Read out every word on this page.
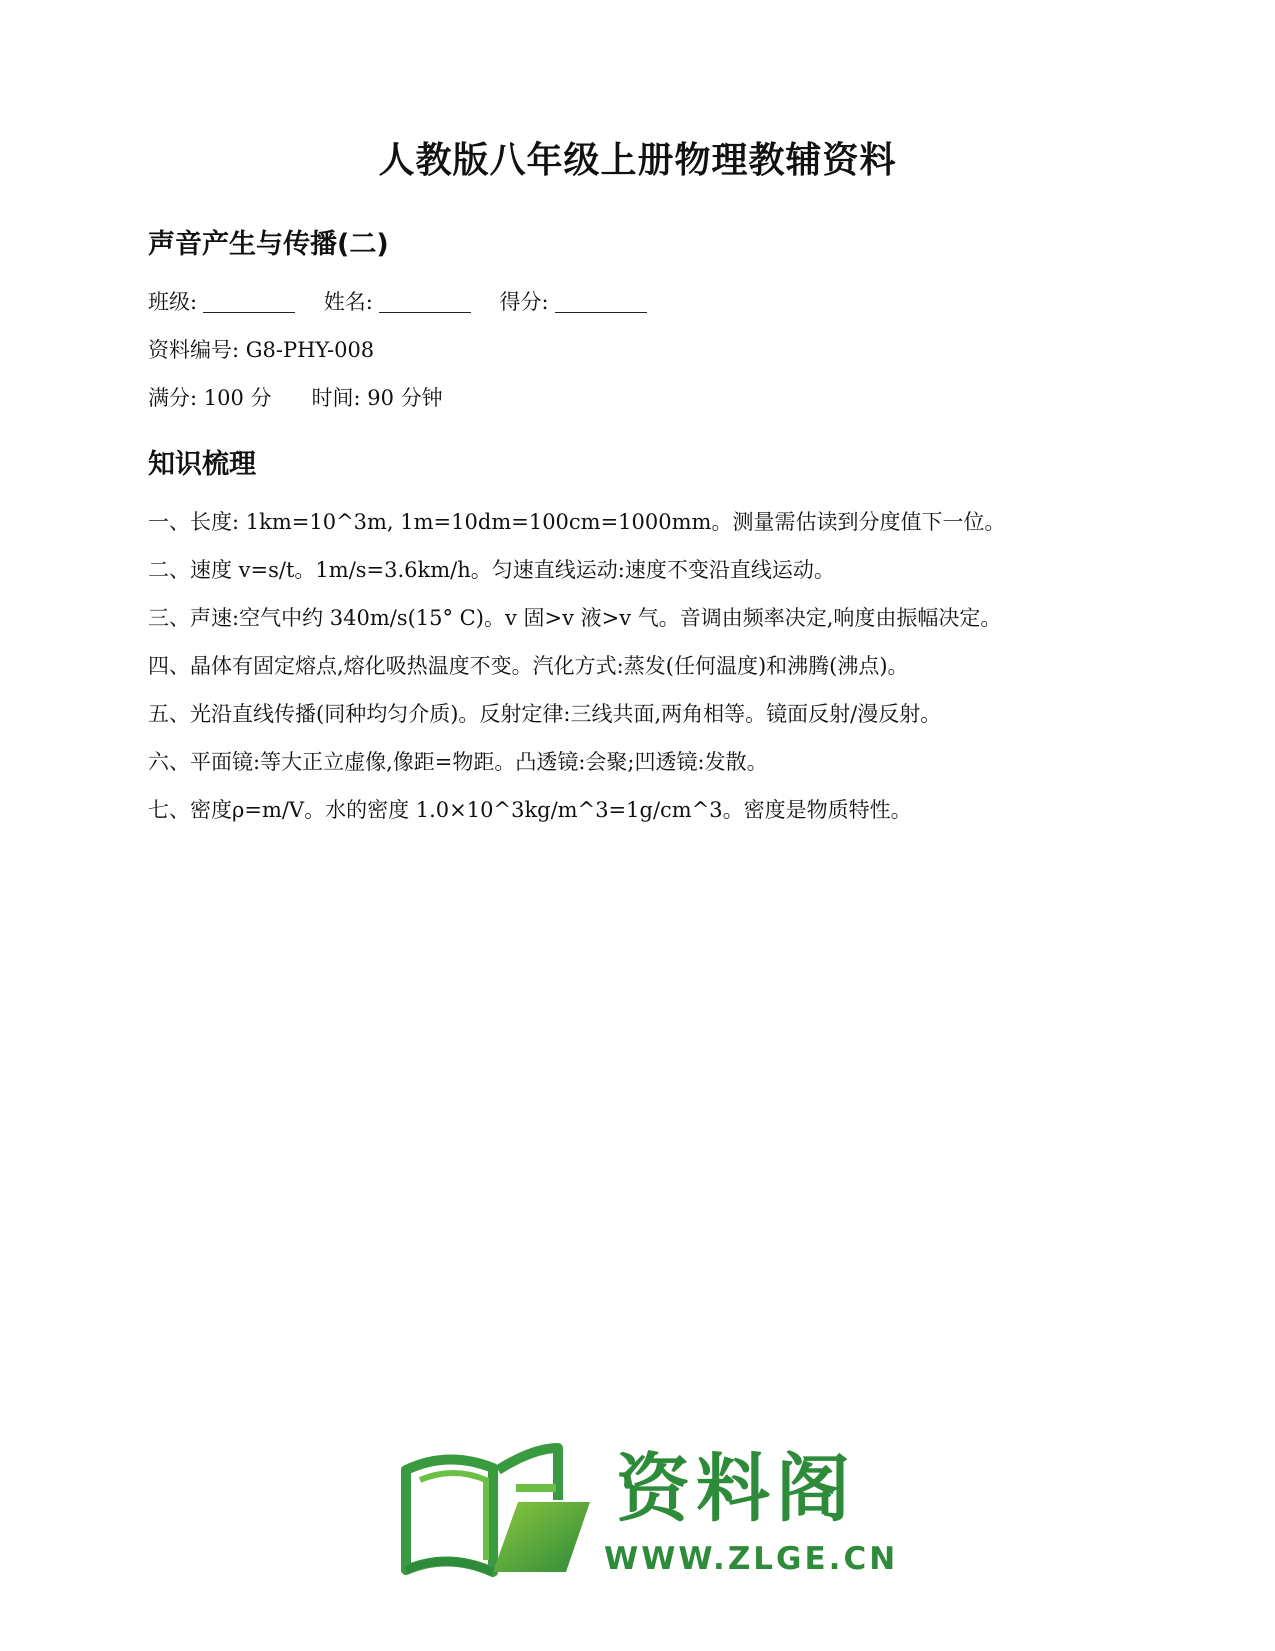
人教版八年级上册物理教辅资料
声音产生与传播(二)

班级:	姓名:	得分:

资料编号: G8-PHY-008

满分: 100 分 时间: 90 分钟

知识梳理

一、长度: 1km=10^3m, 1m=10dm=100cm=1000mm。测量需估读到分度值下一位。

二、速度 v=s/t。1m/s=3.6km/h。匀速直线运动:速度不变沿直线运动。

三、声速:空气中约 340m/s(15° C)。v 固>v 液>v 气。音调由频率决定,响度由振幅决定。

四、晶体有固定熔点,熔化吸热温度不变。汽化方式:蒸发(任何温度)和沸腾(沸点)。

五、光沿直线传播(同种均匀介质)。反射定律:三线共面,两角相等。镜面反射/漫反射。

六、平面镜:等大正立虚像,像距=物距。凸透镜:会聚;凹透镜:发散。

七、密度ρ=m/V。水的密度 1.0×10^3kg/m^3=1g/cm^3。密度是物质特性。

资料阁
WWW.ZLGE.CN
